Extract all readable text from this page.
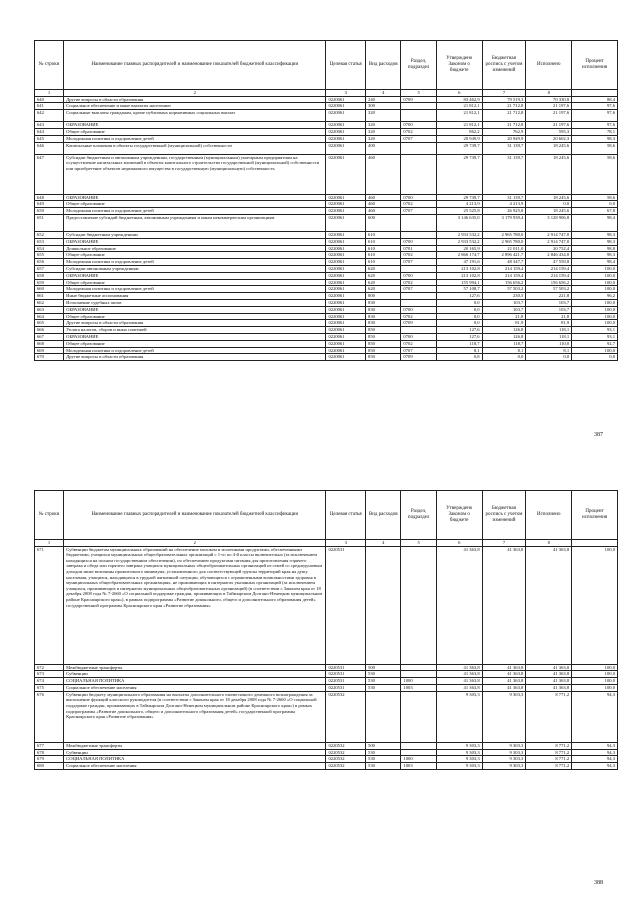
№ строки	Наименование главных распорядителей и наименование показателей бюджетной классификации	Целевая статья	Вид расходов	Раздел, подраздел	Утверждено Законом о бюджете	Бюджетная роспись с учетом изменений	Исполнено	Процент исполнения
1	2	3	4	5	6	7	8	
640	Другие вопросы в области образования	0220061	240	0709	83 462,9	79 519,3	70 330,8	88,4
641	Социальное обеспечение и иные выплаты населению	0220061	300		21 812,1	21 712,8	21 197,6	97,6
642	Социальные выплаты гражданам, кроме публичных нормативных социальных выплат	0220061	320		21 812,1	21 712,8	21 197,6	97,6
643	ОБРАЗОВАНИЕ	0220061	320	0700	21 812,1	21 712,8	21 197,6	97,6
644	Общее образование	0220061	320	0702	862,2	762,9	595,3	78,1
645	Молодежная политика и оздоровление детей	0220061	320	0707	20 949,9	20 949,9	20 602,3	98,3
646	Капитальные вложения в объекты государственной (муниципальной) собственности	0220061	400		29 739,7	31 139,7	18 245,6	58,6
647	Субсидии бюджетным и автономным учреждениям, государственным (муниципальным) унитарным предприятиям на осуществление капитальных вложений в объекты капитального строительства государственной (муниципальной) собственности или приобретение объектов недвижимого имущества в государственную (муниципальную) собственность	0220061	460		29 739,7	31 139,7	18 245,6	58,6
648	ОБРАЗОВАНИЕ	0220061	460	0700	29 739,7	31 139,7	18 245,6	58,6
649	Общее образование	0220061	460	0702	4 213,9	4 213,9	0,0	0,0
650	Молодежная политика и оздоровление детей	0220061	460	0707	25 525,8	26 925,8	18 245,6	67,8
651	Предоставление субсидий бюджетным, автономным учреждениям и иным некоммерческим организациям	0220061	600		3 146 635,0	3 179 939,4	3 128 906,8	98,4
652	Субсидии бюджетным учреждениям	0220061	610		2 933 532,2	2 965 780,0	2 914 747,0	98,3
653	ОБРАЗОВАНИЕ	0220061	610	0700	2 933 532,2	2 965 780,0	2 914 747,0	98,3
654	Дошкольное образование	0220061	610	0701	20 165,9	21 011,0	20 752,4	98,8
655	Общее образование	0220061	610	0702	2 866 174,7	2 896 421,7	2 846 434,8	98,3
656	Молодежная политика и оздоровление детей	0220061	610	0707	47 191,6	48 347,7	47 559,8	98,4
657	Субсидии автономным учреждениям	0220061	620		213 102,8	214 159,4	214 159,4	100,0
658	ОБРАЗОВАНИЕ	0220061	620	0700	213 102,8	214 159,4	214 159,4	100,0
659	Общее образование	0220061	620	0702	155 994,1	156 656,2	156 656,2	100,0
660	Молодежная политика и оздоровление детей	0220061	620	0707	57 108,7	57 503,2	57 503,2	100,0
661	Иные бюджетные ассигнования	0220061	800		127,6	230,5	221,8	96,2
662	Исполнение судебных актов	0220061	830		0,0	103,7	103,7	100,0
663	ОБРАЗОВАНИЕ	0220061	830	0700	0,0	103,7	103,7	100,0
664	Общее образование	0220061	830	0702	0,0	21,8	21,8	100,0
665	Другие вопросы в области образования	0220061	830	0709	0,0	81,9	81,9	100,0
666	Уплата налогов, сборов и иных платежей	0220061	850		127,6	126,8	118,1	93,1
667	ОБРАЗОВАНИЕ	0220061	850	0700	127,6	126,8	118,1	93,1
668	Общее образование	0220061	850	0702	118,7	118,7	110,0	92,7
669	Молодежная политика и оздоровление детей	0220061	850	0707	8,1	8,1	8,1	100,0
670	Другие вопросы в области образования	0220061	850	0709	0,8	0,0	0,0	0,0
387
№ строки	Наименование главных распорядителей и наименование показателей бюджетной классификации	Целевая статья	Вид расходов	Раздел, подраздел	Утверждено Законом о бюджете	Бюджетная роспись с учетом изменений	Исполнено	Процент исполнения
1	2	3	4	5	6	7	8	
671	Субвенции бюджетам муниципальных образований на обеспечение молоком и молочными продуктами, обеспеченными бюджетами, учащихся муниципальных общеобразовательных организаций с 1-го по 4-й классы включительно (за исключением находящихся на полном государственном обеспечении), по обеспечению продуктами питания для приготовления горячего завтрака и обеда или горячего завтрака учащихся муниципальных общеобразовательных организаций из семей со среднедушевым доходом ниже величины прожиточного минимума, установленного для соответствующей группы территорий края на душу населения, учащихся, находящихся в трудной жизненной ситуации, обучающихся с ограниченными возможностями здоровья в муниципальных общеобразовательных организациях, не проживающих в интернатах указанных организаций (за исключением учащихся, проживающих в интернатах муниципальных общеобразовательных организаций) (в соответствии с Законом края от 18 декабря 2008 года № 7-2660 «О социальной поддержке граждан, проживающих в Таймырском Долгано-Ненецком муниципальном районе Красноярского края»), в рамках подпрограммы «Развитие дошкольного, общего и дополнительного образования детей» государственной программы Красноярского края «Развитие образования»	0220531			41 363,8	41 363,8	41 363,8	100,0
672	Межбюджетные трансферты	0220531	500		41 363,8	41 363,8	41 363,8	100,0
673	Субвенции	0220531	530		41 363,8	41 363,8	41 363,8	100,0
674	СОЦИАЛЬНАЯ ПОЛИТИКА	0220531	530	1000	41 363,8	41 363,8	41 363,8	100,0
675	Социальное обеспечение населения	0220531	530	1003	41 363,8	41 363,8	41 363,8	100,0
676	Субвенции бюджету муниципального образования на выплаты дополнительного ежемесячного денежного вознаграждения за выполнение функций классного руководителя (в соответствии с Законом края от 18 декабря 2008 года № 7-2660 «О социальной поддержке граждан, проживающих в Таймырском Долгано-Ненецком муниципальном районе Красноярского края») в рамках подпрограммы «Развитие дошкольного, общего и дополнительного образования детей» государственной программы Красноярского края «Развитие образования»	0220532			9 303,3	9 303,3	8 771,2	94,3
677	Межбюджетные трансферты	0220532	500		9 303,3	9 303,3	8 771,2	94,3
678	Субвенции	0220532	530		9 303,3	9 303,3	8 771,2	94,3
679	СОЦИАЛЬНАЯ ПОЛИТИКА	0220532	530	1000	9 303,3	9 303,3	8 771,2	94,3
680	Социальное обеспечение населения	0220532	530	1003	9 303,3	9 303,3	8 771,2	94,3
388
